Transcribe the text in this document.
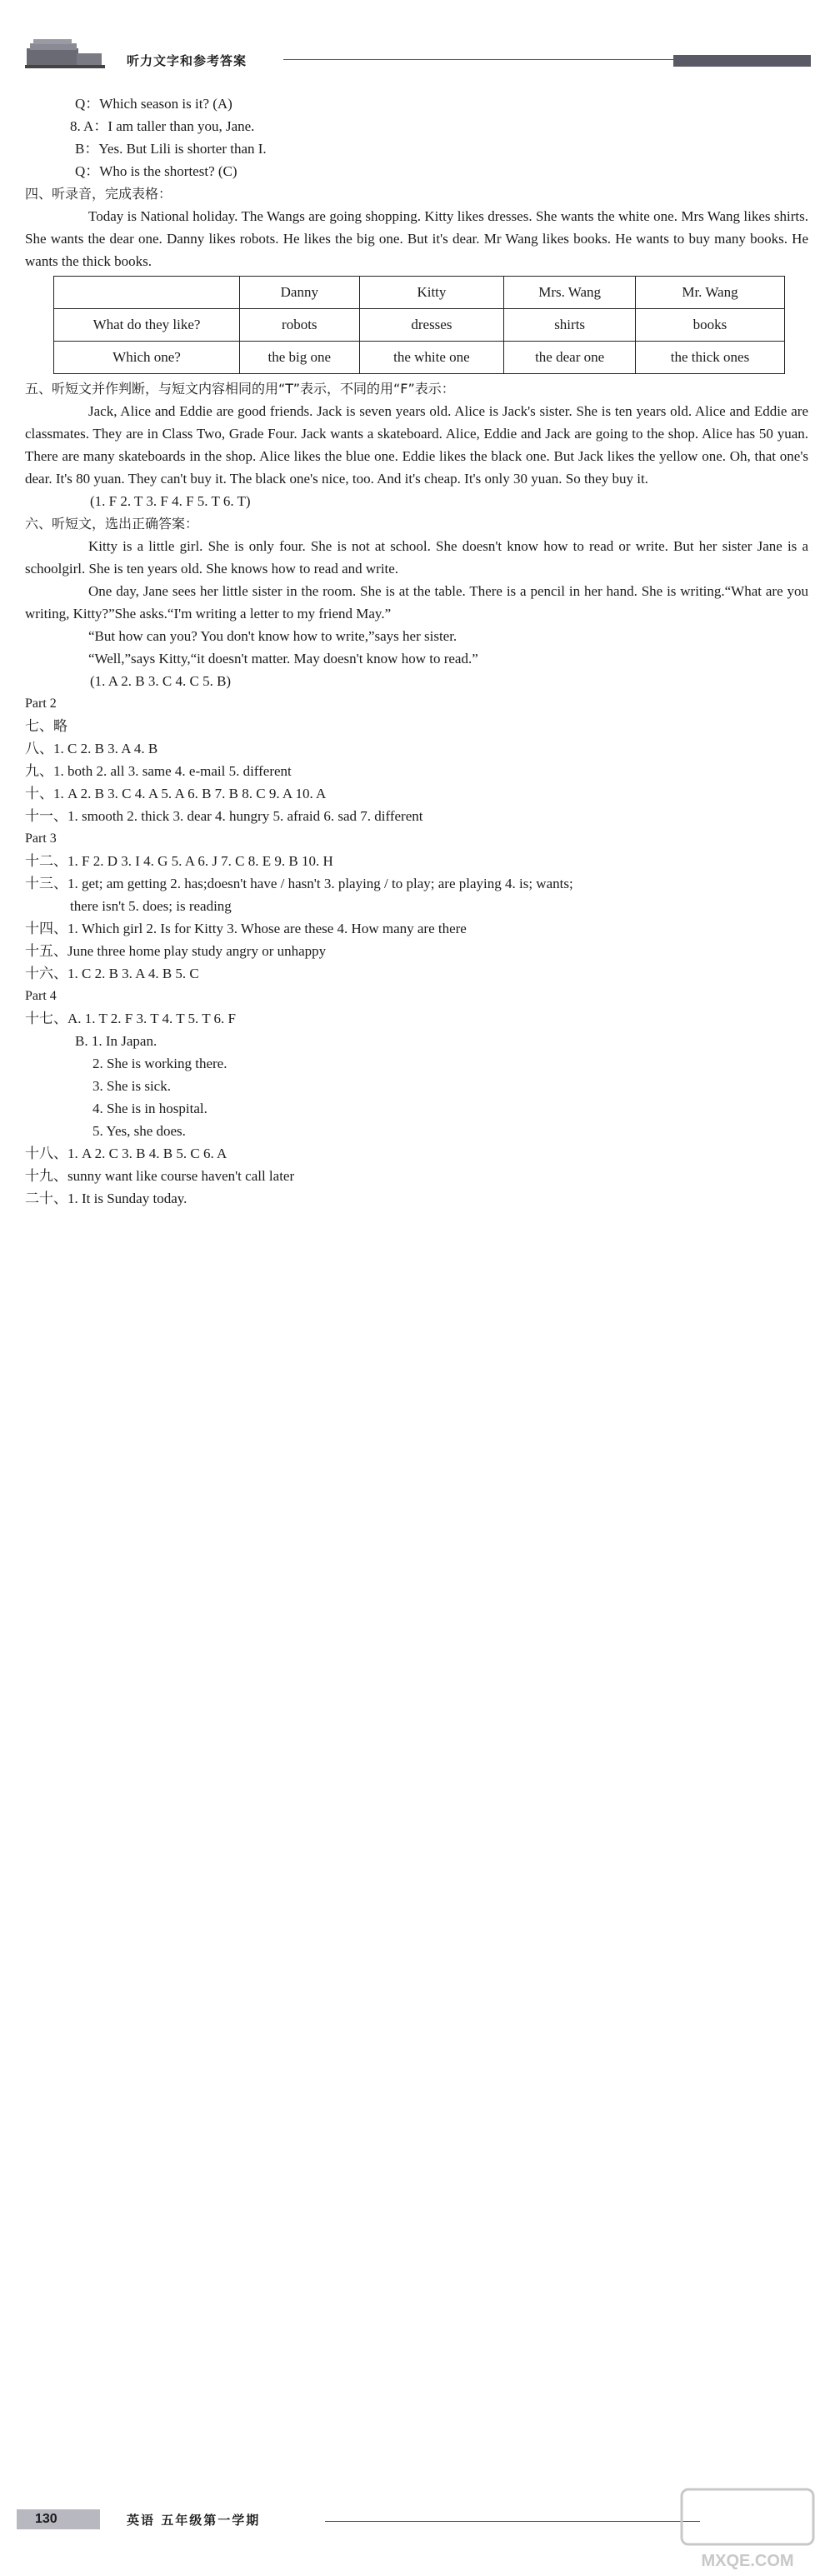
听力文字和参考答案
Q：Which season is it? (A)
8. A：I am taller than you, Jane.
B：Yes. But Lili is shorter than I.
Q：Who is the shortest? (C)
四、听录音，完成表格：
Today is National holiday. The Wangs are going shopping. Kitty likes dresses. She wants the white one. Mrs Wang likes shirts. She wants the dear one. Danny likes robots. He likes the big one. But it's dear. Mr Wang likes books. He wants to buy many books. He wants the thick books.
	Danny	Kitty	Mrs. Wang	Mr. Wang
What do they like?	robots	dresses	shirts	books
Which one?	the big one	the white one	the dear one	the thick ones
五、听短文并作判断，与短文内容相同的用“T”表示，不同的用“F”表示：
Jack, Alice and Eddie are good friends. Jack is seven years old. Alice is Jack's sister. She is ten years old. Alice and Eddie are classmates. They are in Class Two, Grade Four. Jack wants a skateboard. Alice, Eddie and Jack are going to the shop. Alice has 50 yuan. There are many skateboards in the shop. Alice likes the blue one. Eddie likes the black one. But Jack likes the yellow one. Oh, that one's dear. It's 80 yuan. They can't buy it. The black one's nice, too. And it's cheap. It's only 30 yuan. So they buy it.
(1. F 2. T 3. F 4. F 5. T 6. T)
六、听短文，选出正确答案：
Kitty is a little girl. She is only four. She is not at school. She doesn't know how to read or write. But her sister Jane is a schoolgirl. She is ten years old. She knows how to read and write.
One day, Jane sees her little sister in the room. She is at the table. There is a pencil in her hand. She is writing.“What are you writing, Kitty?”She asks.“I'm writing a letter to my friend May.”
“But how can you? You don't know how to write,”says her sister.
“Well,”says Kitty,“it doesn't matter. May doesn't know how to read.”
(1. A 2. B 3. C 4. C 5. B)
Part 2
七、略
八、1. C 2. B 3. A 4. B
九、1. both 2. all 3. same 4. e-mail 5. different
十、1. A 2. B 3. C 4. A 5. A 6. B 7. B 8. C 9. A 10. A
十一、1. smooth 2. thick 3. dear 4. hungry 5. afraid 6. sad 7. different
Part 3
十二、1. F 2. D 3. I 4. G 5. A 6. J 7. C 8. E 9. B 10. H
十三、1. get; am getting 2. has;doesn't have / hasn't 3. playing / to play; are playing 4. is; wants;
there isn't 5. does; is reading
十四、1. Which girl 2. Is for Kitty 3. Whose are these 4. How many are there
十五、June three home play study angry or unhappy
十六、1. C 2. B 3. A 4. B 5. C
Part 4
十七、A. 1. T 2. F 3. T 4. T 5. T 6. F
B. 1. In Japan.
2. She is working there.
3. She is sick.
4. She is in hospital.
5. Yes, she does.
十八、1. A 2. C 3. B 4. B 5. C 6. A
十九、sunny want like course haven't call later
二十、1. It is Sunday today.
130	英语 五年级第一学期
MXQE.COM
